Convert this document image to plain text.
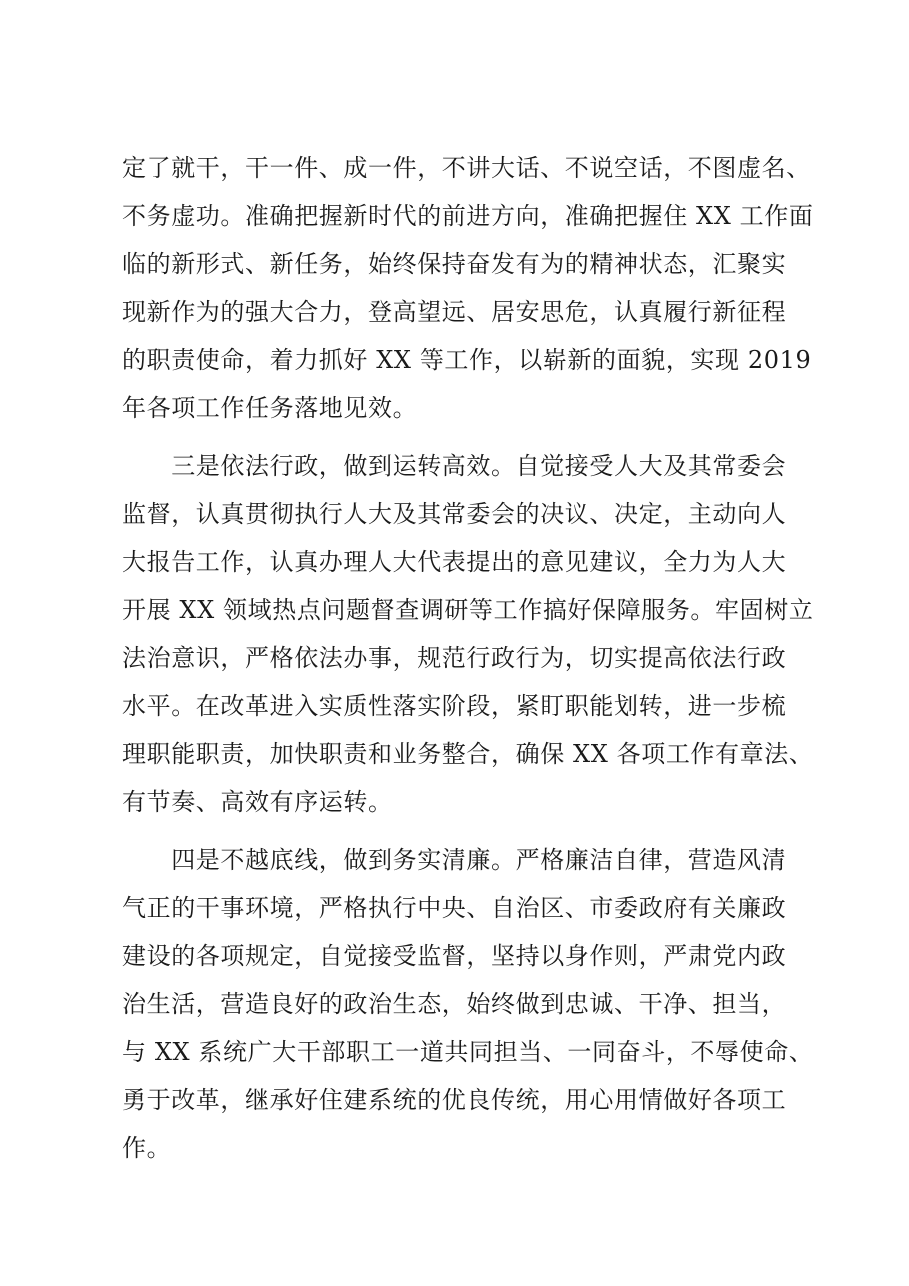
定了就干，干一件、成一件，不讲大话、不说空话，不图虚名、
不务虚功。准确把握新时代的前进方向，准确把握住 XX 工作面
临的新形式、新任务，始终保持奋发有为的精神状态，汇聚实
现新作为的强大合力，登高望远、居安思危，认真履行新征程
的职责使命，着力抓好 XX 等工作，以崭新的面貌，实现 2019
年各项工作任务落地见效。
　　三是依法行政，做到运转高效。自觉接受人大及其常委会
监督，认真贯彻执行人大及其常委会的决议、决定，主动向人
大报告工作，认真办理人大代表提出的意见建议，全力为人大
开展 XX 领域热点问题督查调研等工作搞好保障服务。牢固树立
法治意识，严格依法办事，规范行政行为，切实提高依法行政
水平。在改革进入实质性落实阶段，紧盯职能划转，进一步梳
理职能职责，加快职责和业务整合，确保 XX 各项工作有章法、
有节奏、高效有序运转。
　　四是不越底线，做到务实清廉。严格廉洁自律，营造风清
气正的干事环境，严格执行中央、自治区、市委政府有关廉政
建设的各项规定，自觉接受监督，坚持以身作则，严肃党内政
治生活，营造良好的政治生态，始终做到忠诚、干净、担当，
与 XX 系统广大干部职工一道共同担当、一同奋斗，不辱使命、
勇于改革，继承好住建系统的优良传统，用心用情做好各项工
作。
